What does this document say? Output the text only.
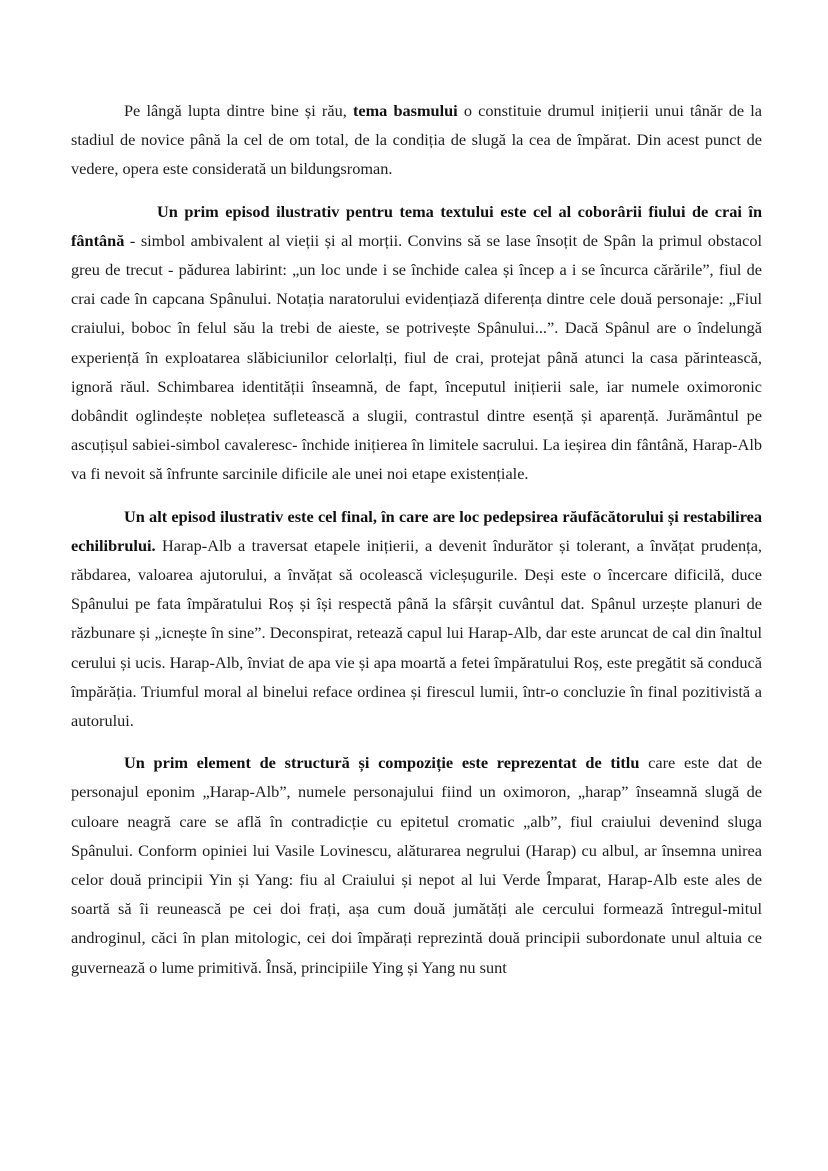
Pe lângă lupta dintre bine și rău, tema basmului o constituie drumul inițierii unui tânăr de la stadiul de novice până la cel de om total, de la condiția de slugă la cea de împărat. Din acest punct de vedere, opera este considerată un bildungsroman.

Un prim episod ilustrativ pentru tema textului este cel al coborârii fiului de crai în fântână - simbol ambivalent al vieții și al morții. Convins să se lase însoțit de Spân la primul obstacol greu de trecut - pădurea labirint: „un loc unde i se închide calea și încep a i se încurca cărările”, fiul de crai cade în capcana Spânului. Notația naratorului evidențiază diferența dintre cele două personaje: „Fiul craiului, boboc în felul său la trebi de aieste, se potrivește Spânului...”. Dacă Spânul are o îndelungă experiență în exploatarea slăbiciunilor celorlalți, fiul de crai, protejat până atunci la casa părintească, ignoră răul. Schimbarea identității înseamnă, de fapt, începutul inițierii sale, iar numele oximoronic dobândit oglindește noblețea sufletească a slugii, contrastul dintre esență și aparență. Jurământul pe ascuțișul sabiei-simbol cavaleresc- închide inițierea în limitele sacrului. La ieșirea din fântână, Harap-Alb va fi nevoit să înfrunte sarcinile dificile ale unei noi etape existențiale.

Un alt episod ilustrativ este cel final, în care are loc pedepsirea răufăcătorului și restabilirea echilibrului. Harap-Alb a traversat etapele inițierii, a devenit îndurător și tolerant, a învățat prudența, răbdarea, valoarea ajutorului, a învățat să ocolească vicleșugurile. Deși este o încercare dificilă, duce Spânului pe fata împăratului Roș și își respectă până la sfârșit cuvântul dat. Spânul urzește planuri de răzbunare și „icnește în sine”. Deconspirat, retează capul lui Harap-Alb, dar este aruncat de cal din înaltul cerului și ucis. Harap-Alb, înviat de apa vie și apa moartă a fetei împăratului Roș, este pregătit să conducă împărăția. Triumful moral al binelui reface ordinea și firescul lumii, într-o concluzie în final pozitivistă a autorului.

Un prim element de structură și compoziție este reprezentat de titlu care este dat de personajul eponim „Harap-Alb”, numele personajului fiind un oximoron, „harap” înseamnă slugă de culoare neagră care se află în contradicție cu epitetul cromatic „alb”, fiul craiului devenind sluga Spânului. Conform opiniei lui Vasile Lovinescu, alăturarea negrului (Harap) cu albul, ar însemna unirea celor două principii Yin și Yang: fiu al Craiului și nepot al lui Verde Împarat, Harap-Alb este ales de soartă să îi reunească pe cei doi frați, așa cum două jumătăți ale cercului formează întregul-mitul androginul, căci în plan mitologic, cei doi împărați reprezintă două principii subordonate unul altuia ce guvernează o lume primitivă. Însă, principiile Ying și Yang nu sunt
